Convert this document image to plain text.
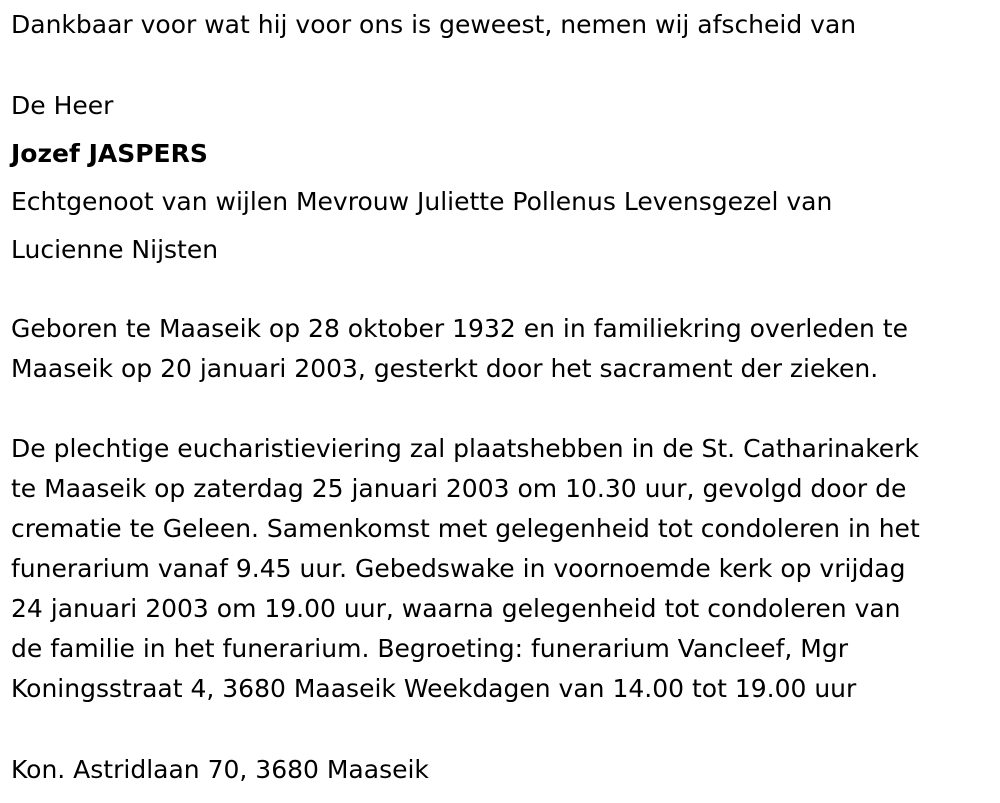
Dankbaar voor wat hij voor ons is geweest, nemen wij afscheid van
De Heer
Jozef JASPERS
Echtgenoot van wijlen Mevrouw Juliette Pollenus Levensgezel van
Lucienne Nijsten
Geboren te Maaseik op 28 oktober 1932 en in familiekring overleden te
Maaseik op 20 januari 2003, gesterkt door het sacrament der zieken.
De plechtige eucharistieviering zal plaatshebben in de St. Catharinakerk
te Maaseik op zaterdag 25 januari 2003 om 10.30 uur, gevolgd door de
crematie te Geleen. Samenkomst met gelegenheid tot condoleren in het
funerarium vanaf 9.45 uur. Gebedswake in voornoemde kerk op vrijdag
24 januari 2003 om 19.00 uur, waarna gelegenheid tot condoleren van
de familie in het funerarium. Begroeting: funerarium Vancleef, Mgr
Koningsstraat 4, 3680 Maaseik Weekdagen van 14.00 tot 19.00 uur
Kon. Astridlaan 70, 3680 Maaseik
